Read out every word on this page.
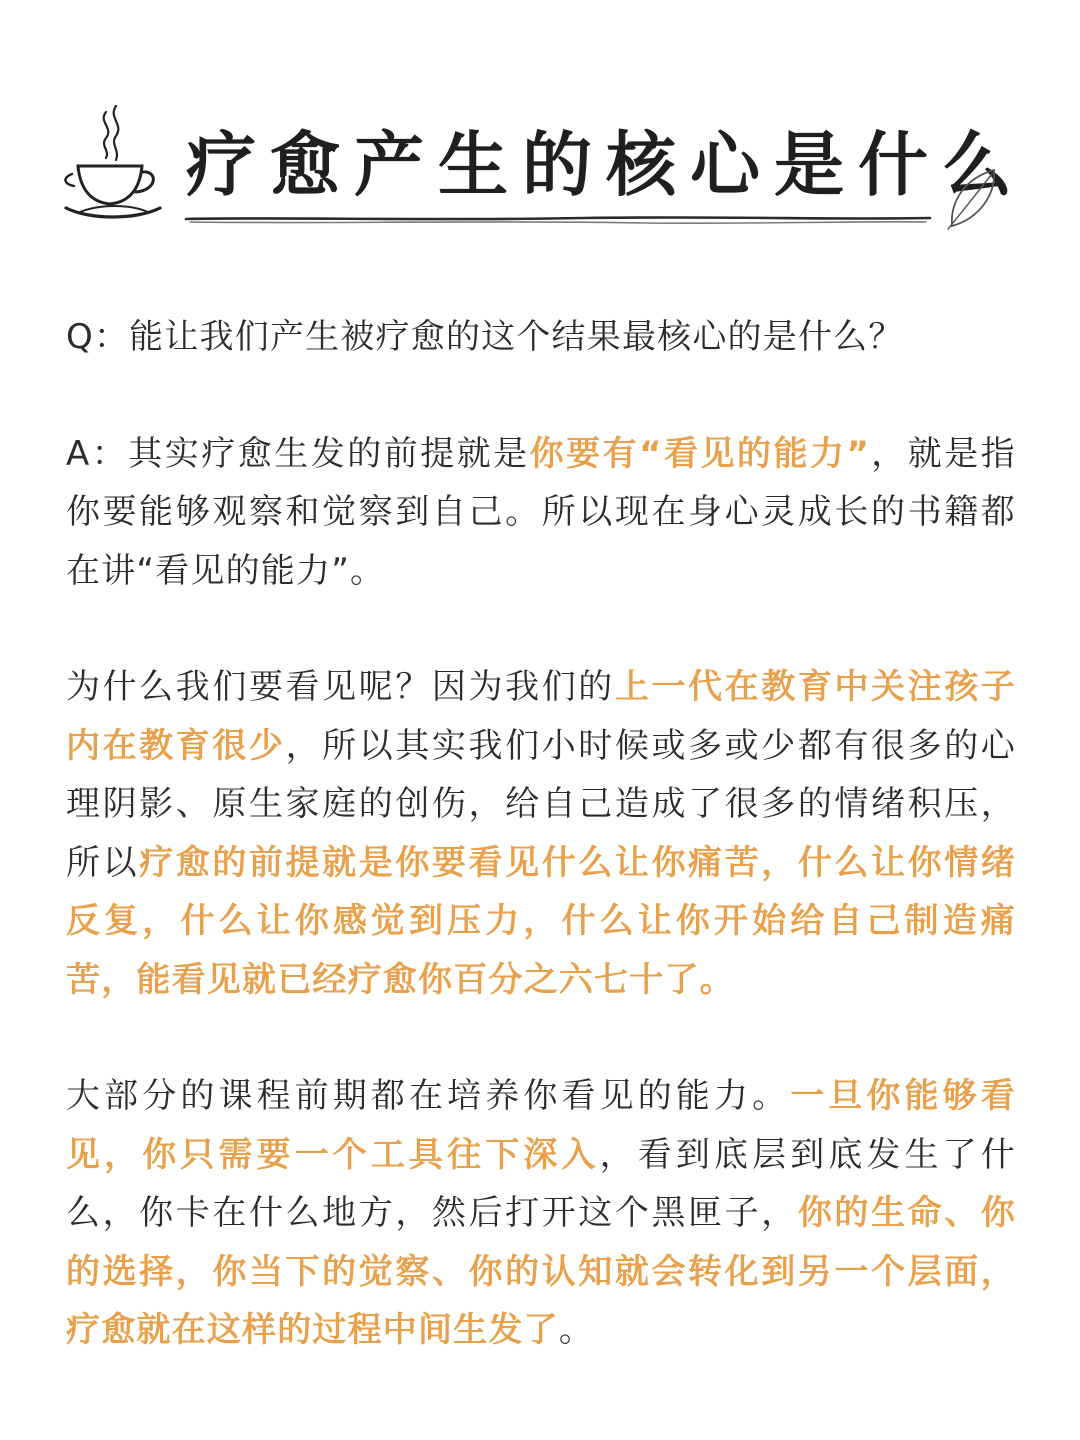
疗愈产生的核心是什么

Q：能让我们产生被疗愈的这个结果最核心的是什么？

A：其实疗愈生发的前提就是你要有“看见的能力”，就是指你要能够观察和觉察到自己。所以现在身心灵成长的书籍都在讲“看见的能力”。

为什么我们要看见呢？因为我们的上一代在教育中关注孩子内在教育很少，所以其实我们小时候或多或少都有很多的心理阴影、原生家庭的创伤，给自己造成了很多的情绪积压，所以疗愈的前提就是你要看见什么让你痛苦，什么让你情绪反复，什么让你感觉到压力，什么让你开始给自己制造痛苦，能看见就已经疗愈你百分之六七十了。

大部分的课程前期都在培养你看见的能力。一旦你能够看见，你只需要一个工具往下深入，看到底层到底发生了什么，你卡在什么地方，然后打开这个黑匣子，你的生命、你的选择，你当下的觉察、你的认知就会转化到另一个层面，疗愈就在这样的过程中间生发了。
